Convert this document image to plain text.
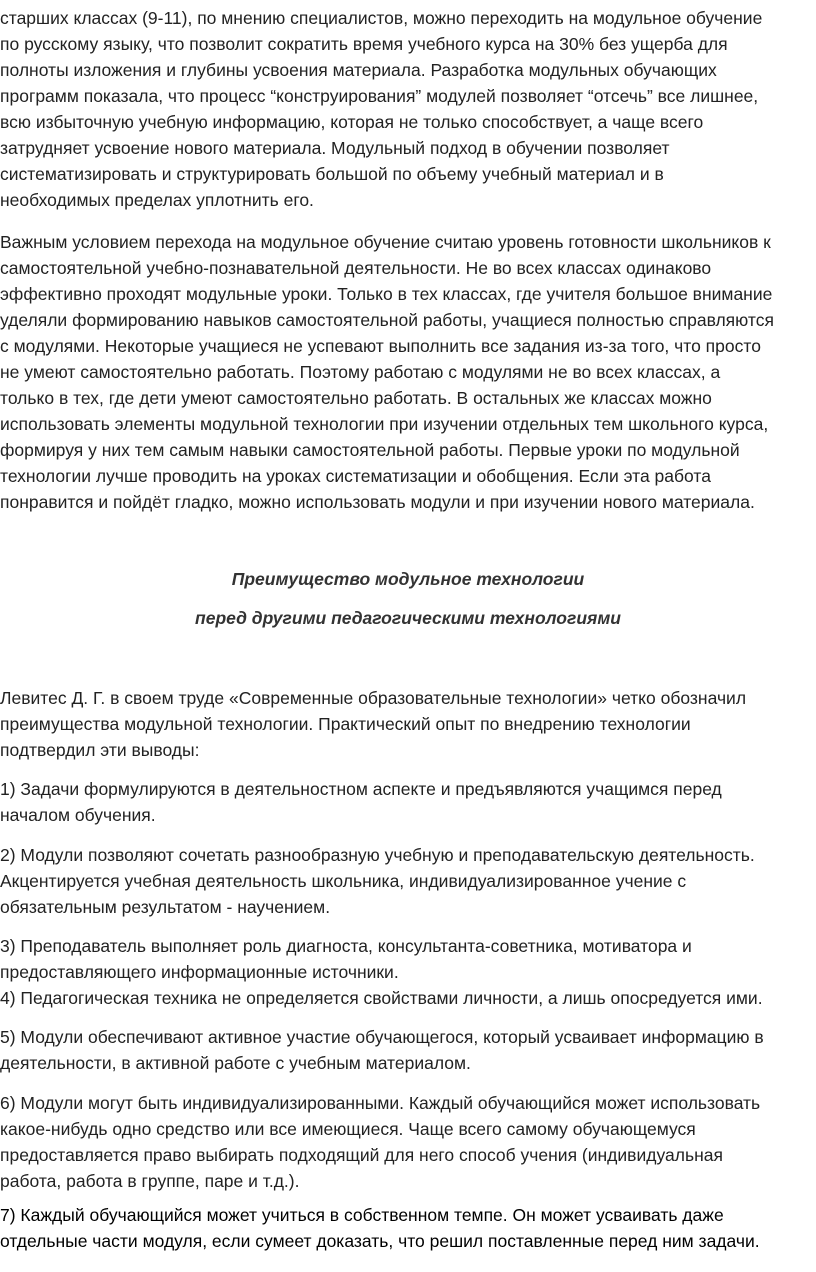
старших классах (9-11), по мнению специалистов, можно переходить на модульное обучение
по русскому языку, что позволит сократить время учебного курса на 30% без ущерба для
полноты изложения и глубины усвоения материала. Разработка модульных обучающих
программ показала, что процесс “конструирования” модулей позволяет “отсечь” все лишнее,
всю избыточную учебную информацию, которая не только способствует, а чаще всего
затрудняет усвоение нового материала. Модульный подход в обучении позволяет
систематизировать и структурировать большой по объему учебный материал и в
необходимых пределах уплотнить его.
Важным условием перехода на модульное обучение считаю уровень готовности школьников к
самостоятельной учебно-познавательной деятельности. Не во всех классах одинаково
эффективно проходят модульные уроки. Только в тех классах, где учителя большое внимание
уделяли формированию навыков самостоятельной работы, учащиеся полностью справляются
с модулями. Некоторые учащиеся не успевают выполнить все задания из-за того, что просто
не умеют самостоятельно работать. Поэтому работаю с модулями не во всех классах, а
только в тех, где дети умеют самостоятельно работать. В остальных же классах можно
использовать элементы модульной технологии при изучении отдельных тем школьного курса,
формируя у них тем самым навыки самостоятельной работы. Первые уроки по модульной
технологии лучше проводить на уроках систематизации и обобщения. Если эта работа
понравится и пойдёт гладко, можно использовать модули и при изучении нового материала.

Преимущество модульное технологии

перед другими педагогическими технологиями

Левитес Д. Г. в своем труде «Современные образовательные технологии» четко обозначил
преимущества модульной технологии. Практический опыт по внедрению технологии
подтвердил эти выводы:
1) Задачи формулируются в деятельностном аспекте и предъявляются учащимся перед
началом обучения.
2) Модули позволяют сочетать разнообразную учебную и преподавательскую деятельность.
Акцентируется учебная деятельность школьника, индивидуализированное учение с
обязательным результатом - научением.
3) Преподаватель выполняет роль диагноста, консультанта-советника, мотиватора и
предоставляющего информационные источники.
4) Педагогическая техника не определяется свойствами личности, а лишь опосредуется ими.
5) Модули обеспечивают активное участие обучающегося, который усваивает информацию в
деятельности, в активной работе с учебным материалом.
6) Модули могут быть индивидуализированными. Каждый обучающийся может использовать
какое-нибудь одно средство или все имеющиеся. Чаще всего самому обучающемуся
предоставляется право выбирать подходящий для него способ учения (индивидуальная
работа, работа в группе, паре и т.д.).
7) Каждый обучающийся может учиться в собственном темпе. Он может усваивать даже
отдельные части модуля, если сумеет доказать, что решил поставленные перед ним задачи.
